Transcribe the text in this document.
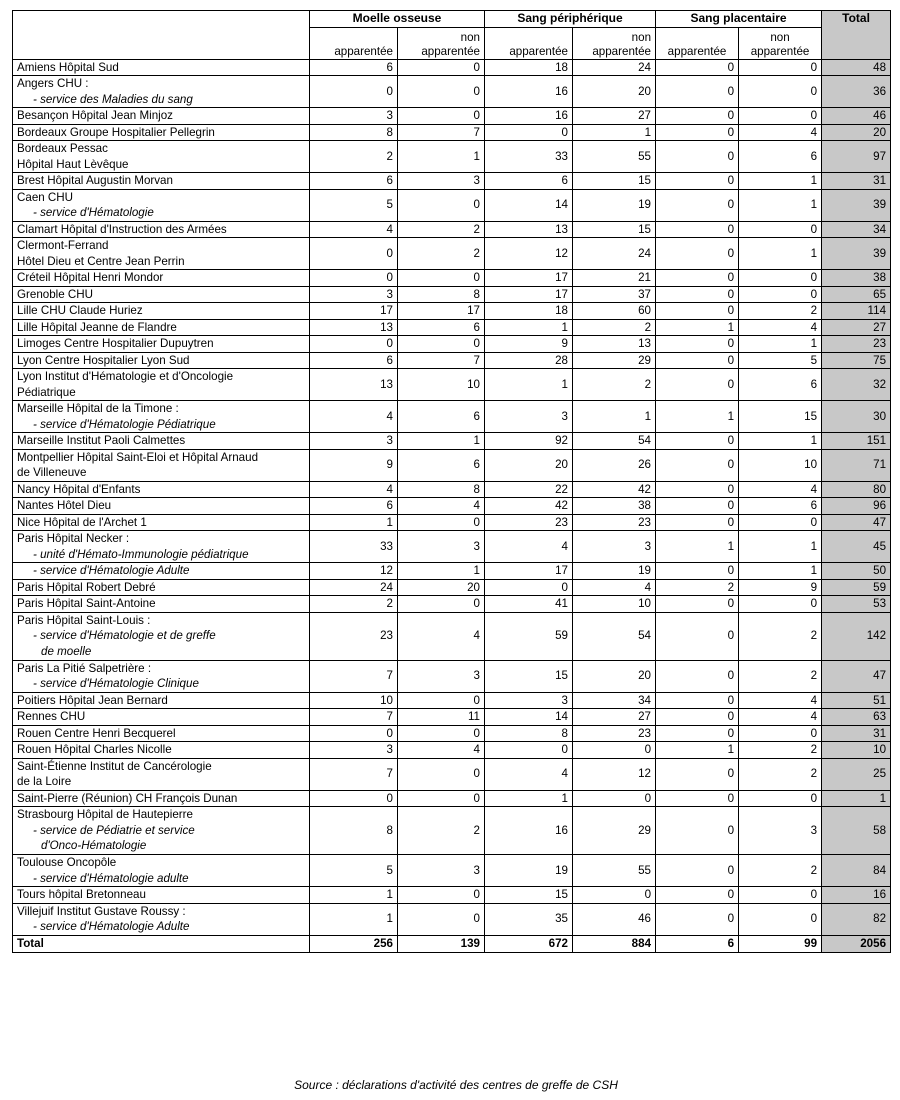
	Moelle osseuse		Sang périphérique		Sang placentaire		Total
	apparentée	non apparentée	apparentée	non apparentée	apparentée	non apparentée	

Amiens Hôpital Sud	6	0	18	24	0	0	48

Angers CHU :
- service des Maladies du sang	0	0	16	20	0	0	36

Besançon Hôpital Jean Minjoz	3	0	16	27	0	0	46

Bordeaux Groupe Hospitalier Pellegrin	8	7	0	1	0	4	20

Bordeaux Pessac
Hôpital Haut Lèvêque	2	1	33	55	0	6	97

Brest Hôpital Augustin Morvan	6	3	6	15	0	1	31

Caen CHU
- service d'Hématologie	5	0	14	19	0	1	39

Clamart Hôpital d'Instruction des Armées	4	2	13	15	0	0	34

Clermont-Ferrand
Hôtel Dieu et Centre Jean Perrin	0	2	12	24	0	1	39

Créteil Hôpital Henri Mondor	0	0	17	21	0	0	38

Grenoble CHU	3	8	17	37	0	0	65

Lille CHU Claude Huriez	17	17	18	60	0	2	114

Lille Hôpital Jeanne de Flandre	13	6	1	2	1	4	27

Limoges Centre Hospitalier Dupuytren	0	0	9	13	0	1	23

Lyon Centre Hospitalier Lyon Sud	6	7	28	29	0	5	75

Lyon Institut d'Hématologie et d'Oncologie
Pédiatrique	13	10	1	2	0	6	32

Marseille Hôpital de la Timone :
- service d'Hématologie Pédiatrique	4	6	3	1	1	15	30

Marseille Institut Paoli Calmettes	3	1	92	54	0	1	151

Montpellier Hôpital Saint-Eloi et Hôpital Arnaud
de Villeneuve	9	6	20	26	0	10	71

Nancy Hôpital d'Enfants	4	8	22	42	0	4	80

Nantes Hôtel Dieu	6	4	42	38	0	6	96

Nice Hôpital de l'Archet 1	1	0	23	23	0	0	47

Paris Hôpital Necker :
- unité d'Hémato-Immunologie pédiatrique	33	3	4	3	1	1	45

- service d'Hématologie Adulte	12	1	17	19	0	1	50

Paris Hôpital Robert Debré	24	20	0	4	2	9	59

Paris Hôpital Saint-Antoine	2	0	41	10	0	0	53

Paris Hôpital Saint-Louis :
- service d'Hématologie et de greffe
de moelle	23	4	59	54	0	2	142

Paris La Pitié Salpetrière :
- service d'Hématologie Clinique	7	3	15	20	0	2	47

Poitiers Hôpital Jean Bernard	10	0	3	34	0	4	51

Rennes CHU	7	11	14	27	0	4	63

Rouen Centre Henri Becquerel	0	0	8	23	0	0	31

Rouen Hôpital Charles Nicolle	3	4	0	0	1	2	10

Saint-Étienne Institut de Cancérologie
de la Loire	7	0	4	12	0	2	25

Saint-Pierre (Réunion) CH François Dunan	0	0	1	0	0	0	1

Strasbourg Hôpital de Hautepierre
- service de Pédiatrie et service
d'Onco-Hématologie	8	2	16	29	0	3	58

Toulouse Oncopôle
- service d'Hématologie adulte	5	3	19	55	0	2	84

Tours hôpital Bretonneau	1	0	15	0	0	0	16

Villejuif Institut Gustave Roussy :
- service d'Hématologie Adulte	1	0	35	46	0	0	82
Total	256	139	672	884	6	99	2056
Source : déclarations d'activité des centres de greffe de CSH
